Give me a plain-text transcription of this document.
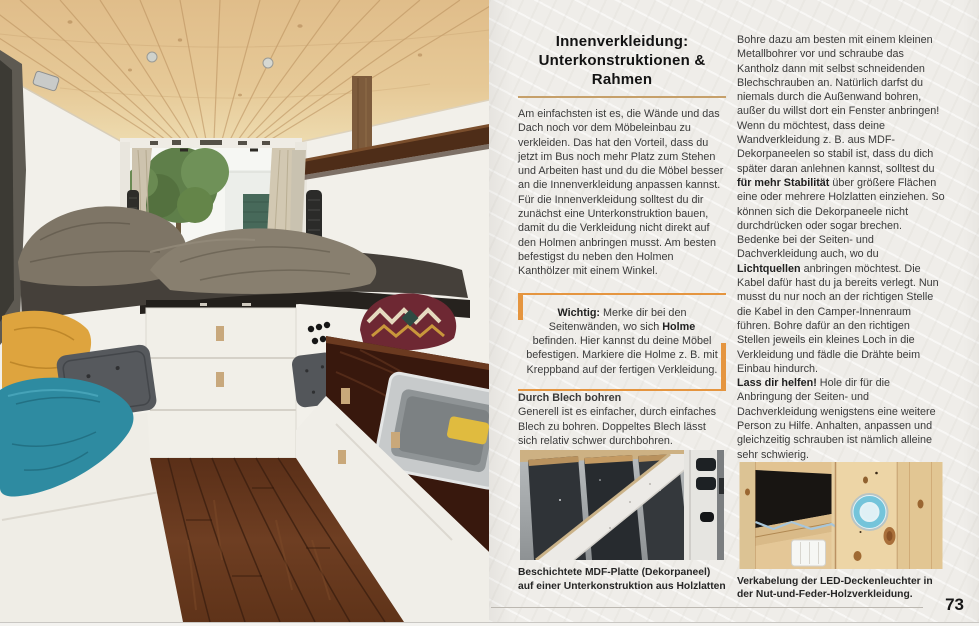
Innenverkleidung:
Unterkonstruktionen & Rahmen

Am einfachsten ist es, die Wände und das Dach noch vor dem Möbeleinbau zu verkleiden. Das hat den Vorteil, dass du jetzt im Bus noch mehr Platz zum Stehen und Arbeiten hast und du die Möbel besser an die Innenverkleidung anpassen kannst.

Für die Innenverkleidung solltest du dir zunächst eine Unterkonstruktion bauen, damit du die Verkleidung nicht direkt auf den Holmen anbringen musst. Am besten befestigst du neben den Holmen Kanthölzer mit einem Winkel.

Wichtig: Merke dir bei den Seitenwänden, wo sich Holme befinden. Hier kannst du deine Möbel befestigen. Markiere die Holme z. B. mit Kreppband auf der fertigen Verkleidung.

Durch Blech bohren

Generell ist es einfacher, durch einfaches Blech zu bohren. Doppeltes Blech lässt sich relativ schwer durchbohren.

Beschichtete MDF-Platte (Dekorpaneel) auf einer Unterkonstruktion aus Holzlatten

Bohre dazu am besten mit einem kleinen Metallbohrer vor und schraube das Kantholz dann mit selbst schneidenden Blechschrauben an. Natürlich darfst du niemals durch die Außenwand bohren, außer du willst dort ein Fenster anbringen!

Wenn du möchtest, dass deine Wandverkleidung z. B. aus MDF-Dekorpaneelen so stabil ist, dass du dich später daran anlehnen kannst, solltest du für mehr Stabilität über größere Flächen eine oder mehrere Holzlatten einziehen. So können sich die Dekorpaneele nicht durchdrücken oder sogar brechen.

Bedenke bei der Seiten- und Dachverkleidung auch, wo du Lichtquellen anbringen möchtest. Die Kabel dafür hast du ja bereits verlegt. Nun musst du nur noch an der richtigen Stelle die Kabel in den Camper-Innenraum führen. Bohre dafür an den richtigen Stellen jeweils ein kleines Loch in die Verkleidung und fädle die Drähte beim Einbau hindurch.

Lass dir helfen! Hole dir für die Anbringung der Seiten- und Dachverkleidung wenigstens eine weitere Person zu Hilfe. Anhalten, anpassen und gleichzeitig schrauben ist nämlich alleine sehr schwierig.

Verkabelung der LED-Deckenleuchter in der Nut-und-Feder-Holzverkleidung.
73
